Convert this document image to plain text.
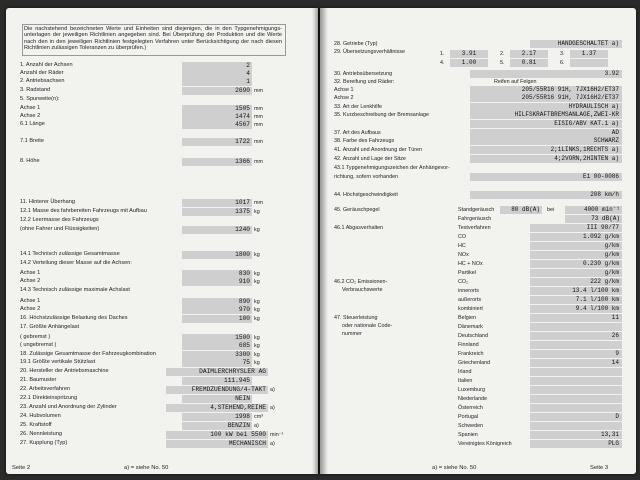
Die nachstehend bezeichneten Werte und Einheiten sind diejenigen, die in den Typgenehmigungs-unterlagen der jeweiligen Richtlinien angegeben sind. Bei Überprüfung der Produktion und die Werte nach den in den jeweiligen Richtlinien festgelegten Verfahren unter Berücksichtigung der nach diesen Richtlinien zulässigen Toleranzen zu überprüfen.)
1. Anzahl der Achsen	2
Anzahl der Räder	4
2. Antriebsachsen	1
3. Radstand	2690 mm
5. Spurweite(n):
Achse 1	1505 mm
Achse 2	1474 mm
6.1 Länge	4567 mm
7.1 Breite	1722 mm
8. Höhe	1366 mm
11. Hinterer Überhang	1017 mm
12.1 Masse des fahrbereiten Fahrzeugs mit Aufbau	1375 kg
12.2 Leermasse des Fahrzeugs
(ohne Fahrer und Flüssigkeiten)	1240 kg
14.1 Technisch zulässige Gesamtmasse	1800 kg
14.2 Verteilung dieser Masse auf die Achsen:
Achse 1	830 kg
Achse 2	910 kg
14.3 Technisch zulässige maximale Achslast
Achse 1	890 kg
Achse 2	970 kg
16. Höchstzulässige Belastung des Daches	100 kg
17. Größte Anhängelast
( gebremst )	1500 kg
( ungebremst )	685 kg
18. Zulässige Gesamtmasse der Fahrzeugkombination	3300 kg
19.1 Größte vertikale Stützlast	75 kg
20. Hersteller der Antriebsmaschine	DAIMLERCHRYSLER AG
21. Baumuster	111.945
22. Arbeitsverfahren	FREMDZUENDUNG/4-TAKT a)
22.1 Direkteinspritzung	NEIN
23. Anzahl und Anordnung der Zylinder	4,STEHEND,REIHE a)
24. Hubvolumen	1998 cm³
25. Kraftstoff	BENZIN a)
26. Nennleistung	100 kW bei 5500 min⁻¹
27. Kupplung (Typ)	MECHANISCH a)
Seite 2	a) = siehe No. 50
28. Getriebe (Typ)	HANDGESCHALTET a)
29. Übersetzungsverhältnisse	1.	3.91	2.	2.17	3.	1.37
4.	1.00	5.	0.81	6.
30. Antriebsübersetzung	3.92
32. Bereifung und Räder:	Reifen auf Felgen
Achse 1	205/55R16 91H, 7JX16H2/ET37
Achse 2	205/55R16 91H, 7JX16H2/ET37
33. Art der Lenkhilfe	HYDRAULISCH a)
35. Kurzbeschreibung der Bremsanlage	HILFSKRAFTBREMSANLAGE,ZWEI-KR
EISIG/ABV KAT.1 a)
37. Art des Aufbaus	AD
38. Farbe des Fahrzeugs	SCHWARZ
41. Anzahl und Anordnung der Türen	2;1LINKS,1RECHTS a)
42. Anzahl und Lage der Sitze	4;2VORN,2HINTEN a)
43.1 Typgenehmigungszeichen der Anhängevor-
richtung, sofern vorhanden	E1 00-0086
44. Höchstgeschwindigkeit	208 km/h
45. Geräuschpegel	Standgeräusch	80 dB(A)	bei	4000 min⁻¹
Fahrgeräusch	73 dB(A)
46.1 Abgasverhalten	Testverfahren	III 98/77
CO	1.092 g/km
HC	g/km
NOx	g/km
HC + NOx	0.230 g/km
Partikel	g/km
46.2 CO₂ Emissionen-
Verbrauchswerte
CO₂	222 g/km
innerorts	13.4 l/100 km
außerorts	7.1 l/100 km
kombiniert	9.4 l/100 km
47. Steuerleistung
oder nationale Code-
nummer
Belgien	11
Dänemark
Deutschland	26
Finnland
Frankreich	9
Griechenland	14
Irland
Italien
Luxemburg
Niederlande
Österreich
Portugal	D
Schweden
Spanien	13,31
Vereinigtes Königreich	PLG
a) = siehe No. 50	Seite 3
